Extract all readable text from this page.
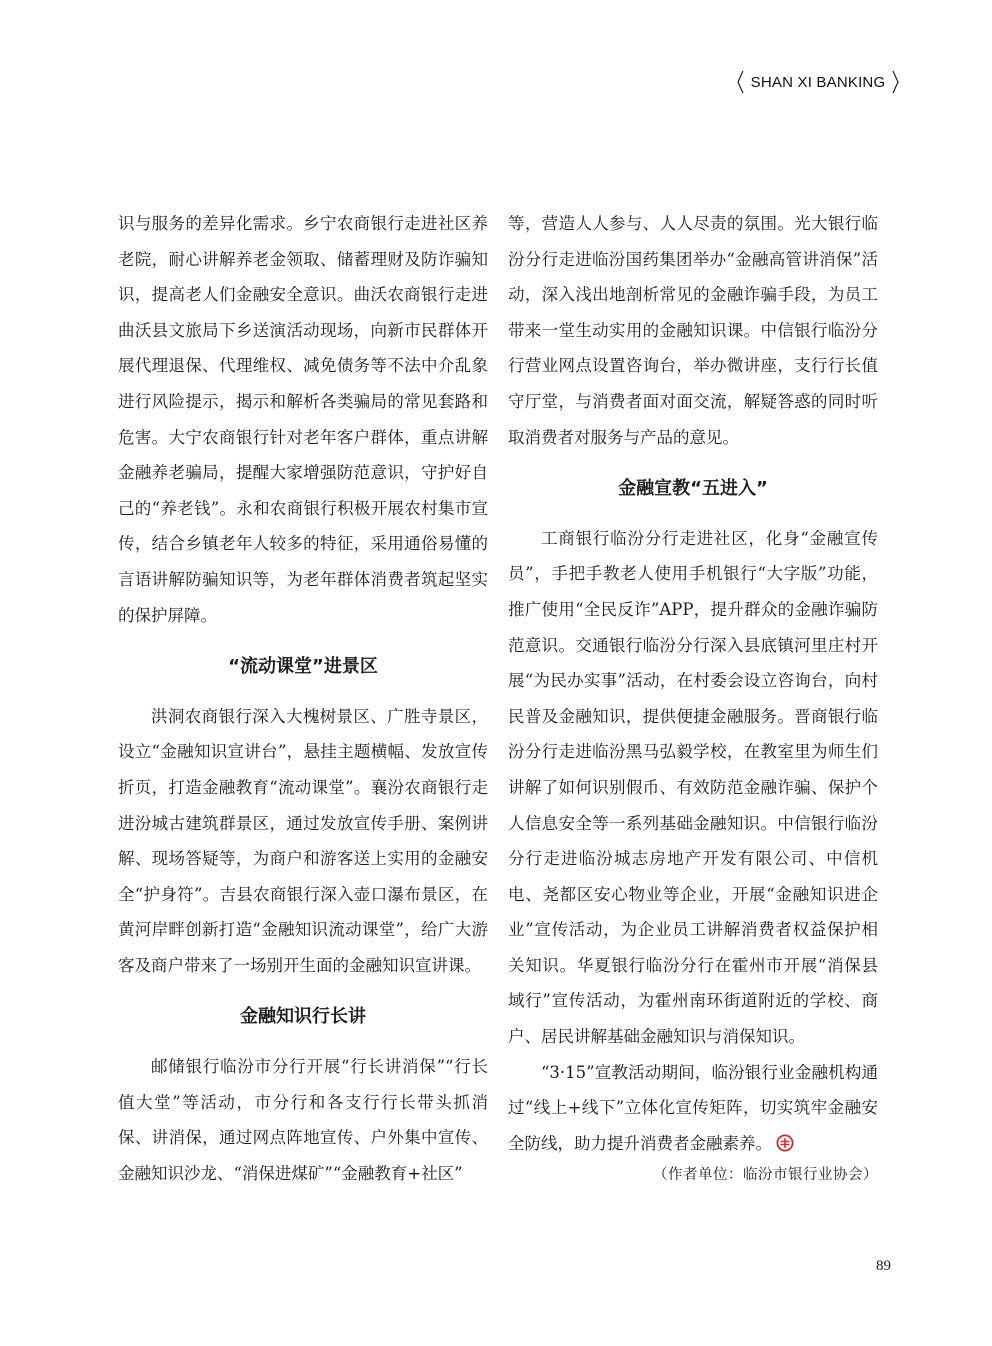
SHAN XI BANKING

识与服务的差异化需求。乡宁农商银行走进社区养老院，耐心讲解养老金领取、储蓄理财及防诈骗知识，提高老人们金融安全意识。曲沃农商银行走进曲沃县文旅局下乡送演活动现场，向新市民群体开展代理退保、代理维权、减免债务等不法中介乱象进行风险提示，揭示和解析各类骗局的常见套路和危害。大宁农商银行针对老年客户群体，重点讲解金融养老骗局，提醒大家增强防范意识，守护好自己的“养老钱”。永和农商银行积极开展农村集市宣传，结合乡镇老年人较多的特征，采用通俗易懂的言语讲解防骗知识等，为老年群体消费者筑起坚实的保护屏障。

“流动课堂”进景区

洪洞农商银行深入大槐树景区、广胜寺景区，设立“金融知识宣讲台”，悬挂主题横幅、发放宣传折页，打造金融教育“流动课堂”。襄汾农商银行走进汾城古建筑群景区，通过发放宣传手册、案例讲解、现场答疑等，为商户和游客送上实用的金融安全“护身符”。吉县农商银行深入壶口瀑布景区，在黄河岸畔创新打造“金融知识流动课堂”，给广大游客及商户带来了一场别开生面的金融知识宣讲课。

金融知识行长讲

邮储银行临汾市分行开展“行长讲消保”“行长值大堂”等活动，市分行和各支行行长带头抓消保、讲消保，通过网点阵地宣传、户外集中宣传、金融知识沙龙、“消保进煤矿”“金融教育+社区”

等，营造人人参与、人人尽责的氛围。光大银行临汾分行走进临汾国药集团举办“金融高管讲消保”活动，深入浅出地剖析常见的金融诈骗手段，为员工带来一堂生动实用的金融知识课。中信银行临汾分行营业网点设置咨询台，举办微讲座，支行行长值守厅堂，与消费者面对面交流，解疑答惑的同时听取消费者对服务与产品的意见。

金融宣教“五进入”

工商银行临汾分行走进社区，化身“金融宣传员”，手把手教老人使用手机银行“大字版”功能，推广使用“全民反诈”APP，提升群众的金融诈骗防范意识。交通银行临汾分行深入县底镇河里庄村开展“为民办实事”活动，在村委会设立咨询台，向村民普及金融知识，提供便捷金融服务。晋商银行临汾分行走进临汾黑马弘毅学校，在教室里为师生们讲解了如何识别假币、有效防范金融诈骗、保护个人信息安全等一系列基础金融知识。中信银行临汾分行走进临汾城志房地产开发有限公司、中信机电、尧都区安心物业等企业，开展“金融知识进企业”宣传活动，为企业员工讲解消费者权益保护相关知识。华夏银行临汾分行在霍州市开展“消保县域行”宣传活动，为霍州南环街道附近的学校、商户、居民讲解基础金融知识与消保知识。

“3·15”宣教活动期间，临汾银行业金融机构通过“线上+线下”立体化宣传矩阵，切实筑牢金融安全防线，助力提升消费者金融素养。

（作者单位：临汾市银行业协会）

89
